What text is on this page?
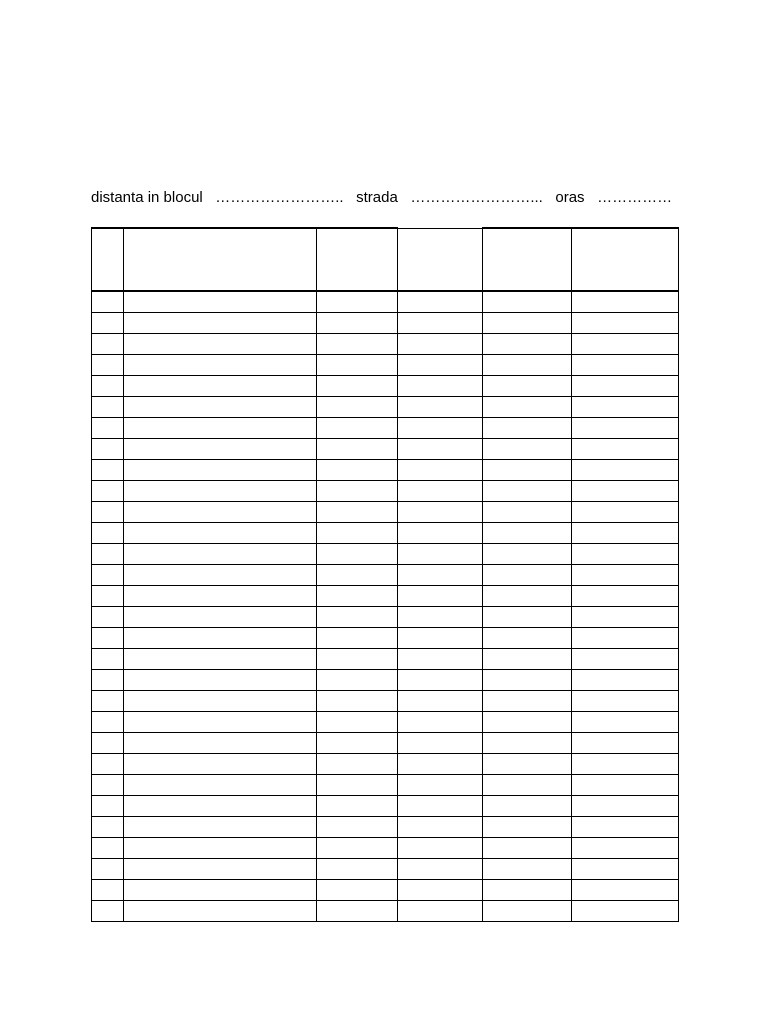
distanta in blocul …………………….. strada ……………………... oras ……………
